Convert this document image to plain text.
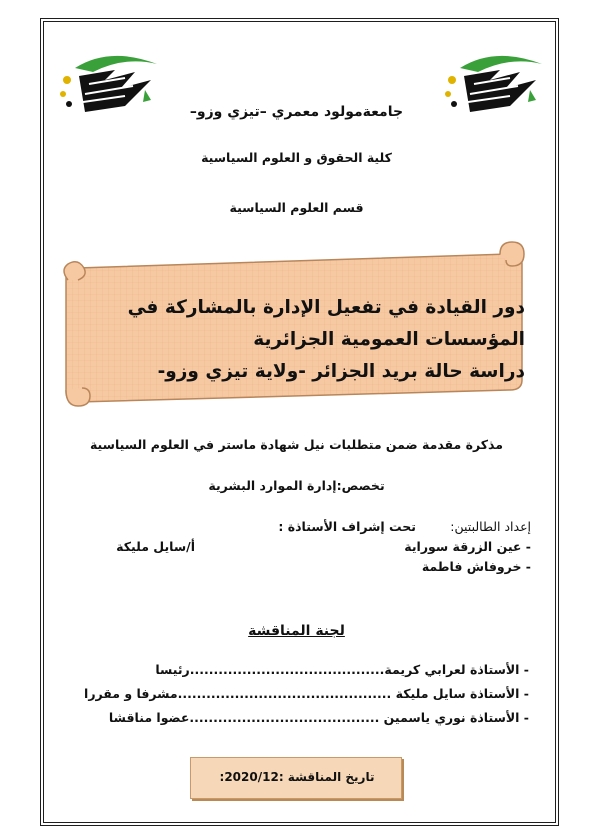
جامعةمولود معمري –تيزي وزو–
كلية الحقوق و العلوم السياسية
قسم العلوم السياسية
دور القيادة في تفعيل الإدارة بالمشاركة في
المؤسسات العمومية الجزائرية
دراسة حالة بريد الجزائر -ولاية تيزي وزو-
مذكرة مقدمة ضمن متطلبات نيل شهادة ماستر في العلوم السياسية
تخصص:إدارة الموارد البشرية
إعداد الطالبتين:
تحت إشراف الأستاذة :
- عين الزرقة سوراية
- خروفاش فاطمة
أ/سايل مليكة
لجنة المناقشة
- الأستاذة لعرابي كريمة.........................................رئيسا
- الأستاذة سايل مليكة .............................................مشرفا و مقررا
- الأستاذة نوري ياسمين ........................................عضوا مناقشا
تاريخ المناقشة :2020/12:
